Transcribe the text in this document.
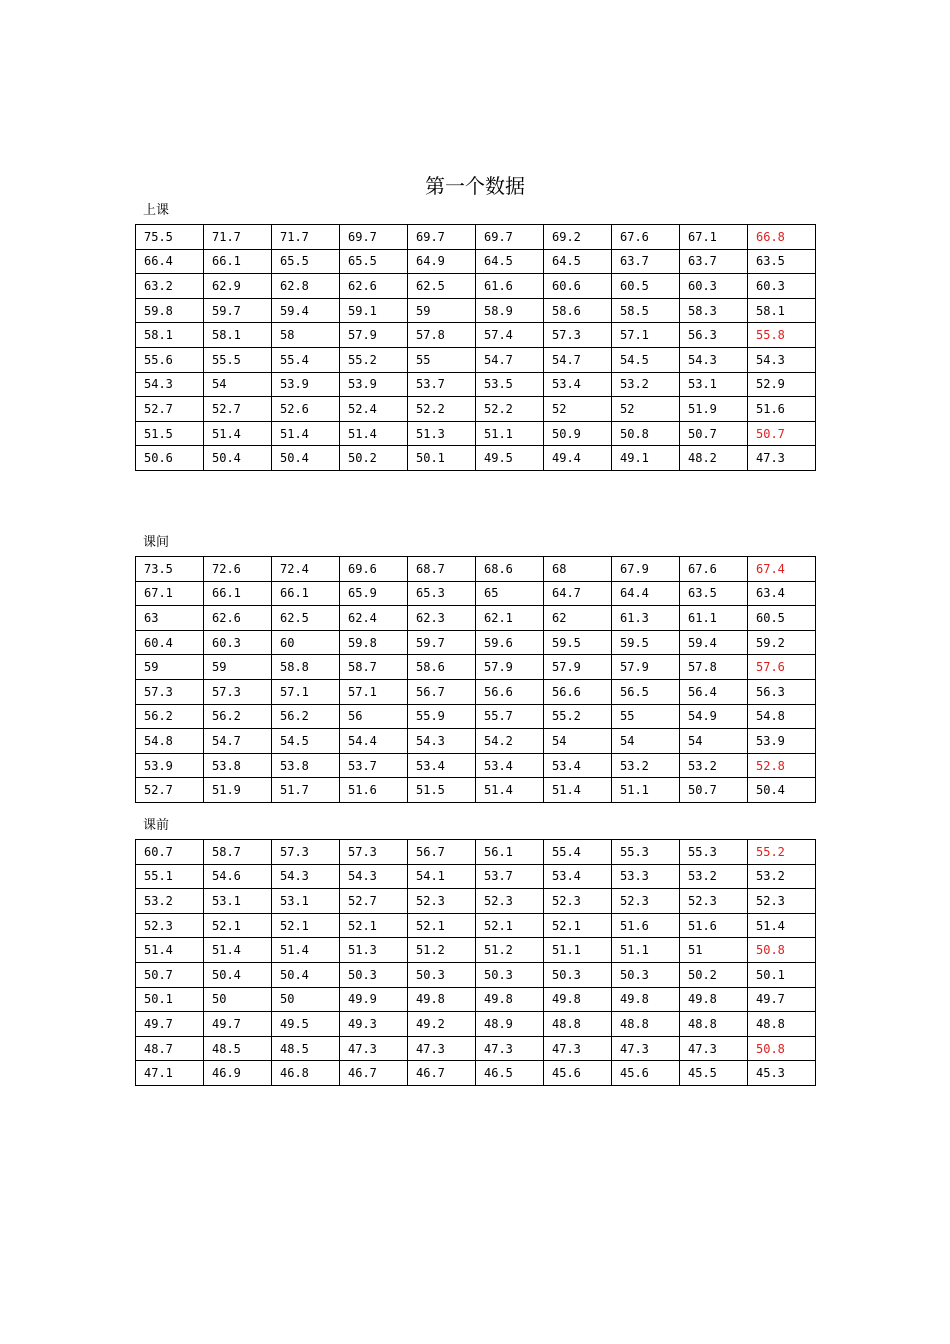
第一个数据
上课
75.5	71.7	71.7	69.7	69.7	69.7	69.2	67.6	67.1	66.8
66.4	66.1	65.5	65.5	64.9	64.5	64.5	63.7	63.7	63.5
63.2	62.9	62.8	62.6	62.5	61.6	60.6	60.5	60.3	60.3
59.8	59.7	59.4	59.1	59	58.9	58.6	58.5	58.3	58.1
58.1	58.1	58	57.9	57.8	57.4	57.3	57.1	56.3	55.8
55.6	55.5	55.4	55.2	55	54.7	54.7	54.5	54.3	54.3
54.3	54	53.9	53.9	53.7	53.5	53.4	53.2	53.1	52.9
52.7	52.7	52.6	52.4	52.2	52.2	52	52	51.9	51.6
51.5	51.4	51.4	51.4	51.3	51.1	50.9	50.8	50.7	50.7
50.6	50.4	50.4	50.2	50.1	49.5	49.4	49.1	48.2	47.3
课间
73.5	72.6	72.4	69.6	68.7	68.6	68	67.9	67.6	67.4
67.1	66.1	66.1	65.9	65.3	65	64.7	64.4	63.5	63.4
63	62.6	62.5	62.4	62.3	62.1	62	61.3	61.1	60.5
60.4	60.3	60	59.8	59.7	59.6	59.5	59.5	59.4	59.2
59	59	58.8	58.7	58.6	57.9	57.9	57.9	57.8	57.6
57.3	57.3	57.1	57.1	56.7	56.6	56.6	56.5	56.4	56.3
56.2	56.2	56.2	56	55.9	55.7	55.2	55	54.9	54.8
54.8	54.7	54.5	54.4	54.3	54.2	54	54	54	53.9
53.9	53.8	53.8	53.7	53.4	53.4	53.4	53.2	53.2	52.8
52.7	51.9	51.7	51.6	51.5	51.4	51.4	51.1	50.7	50.4
课前
60.7	58.7	57.3	57.3	56.7	56.1	55.4	55.3	55.3	55.2
55.1	54.6	54.3	54.3	54.1	53.7	53.4	53.3	53.2	53.2
53.2	53.1	53.1	52.7	52.3	52.3	52.3	52.3	52.3	52.3
52.3	52.1	52.1	52.1	52.1	52.1	52.1	51.6	51.6	51.4
51.4	51.4	51.4	51.3	51.2	51.2	51.1	51.1	51	50.8
50.7	50.4	50.4	50.3	50.3	50.3	50.3	50.3	50.2	50.1
50.1	50	50	49.9	49.8	49.8	49.8	49.8	49.8	49.7
49.7	49.7	49.5	49.3	49.2	48.9	48.8	48.8	48.8	48.8
48.7	48.5	48.5	47.3	47.3	47.3	47.3	47.3	47.3	50.8
47.1	46.9	46.8	46.7	46.7	46.5	45.6	45.6	45.5	45.3
